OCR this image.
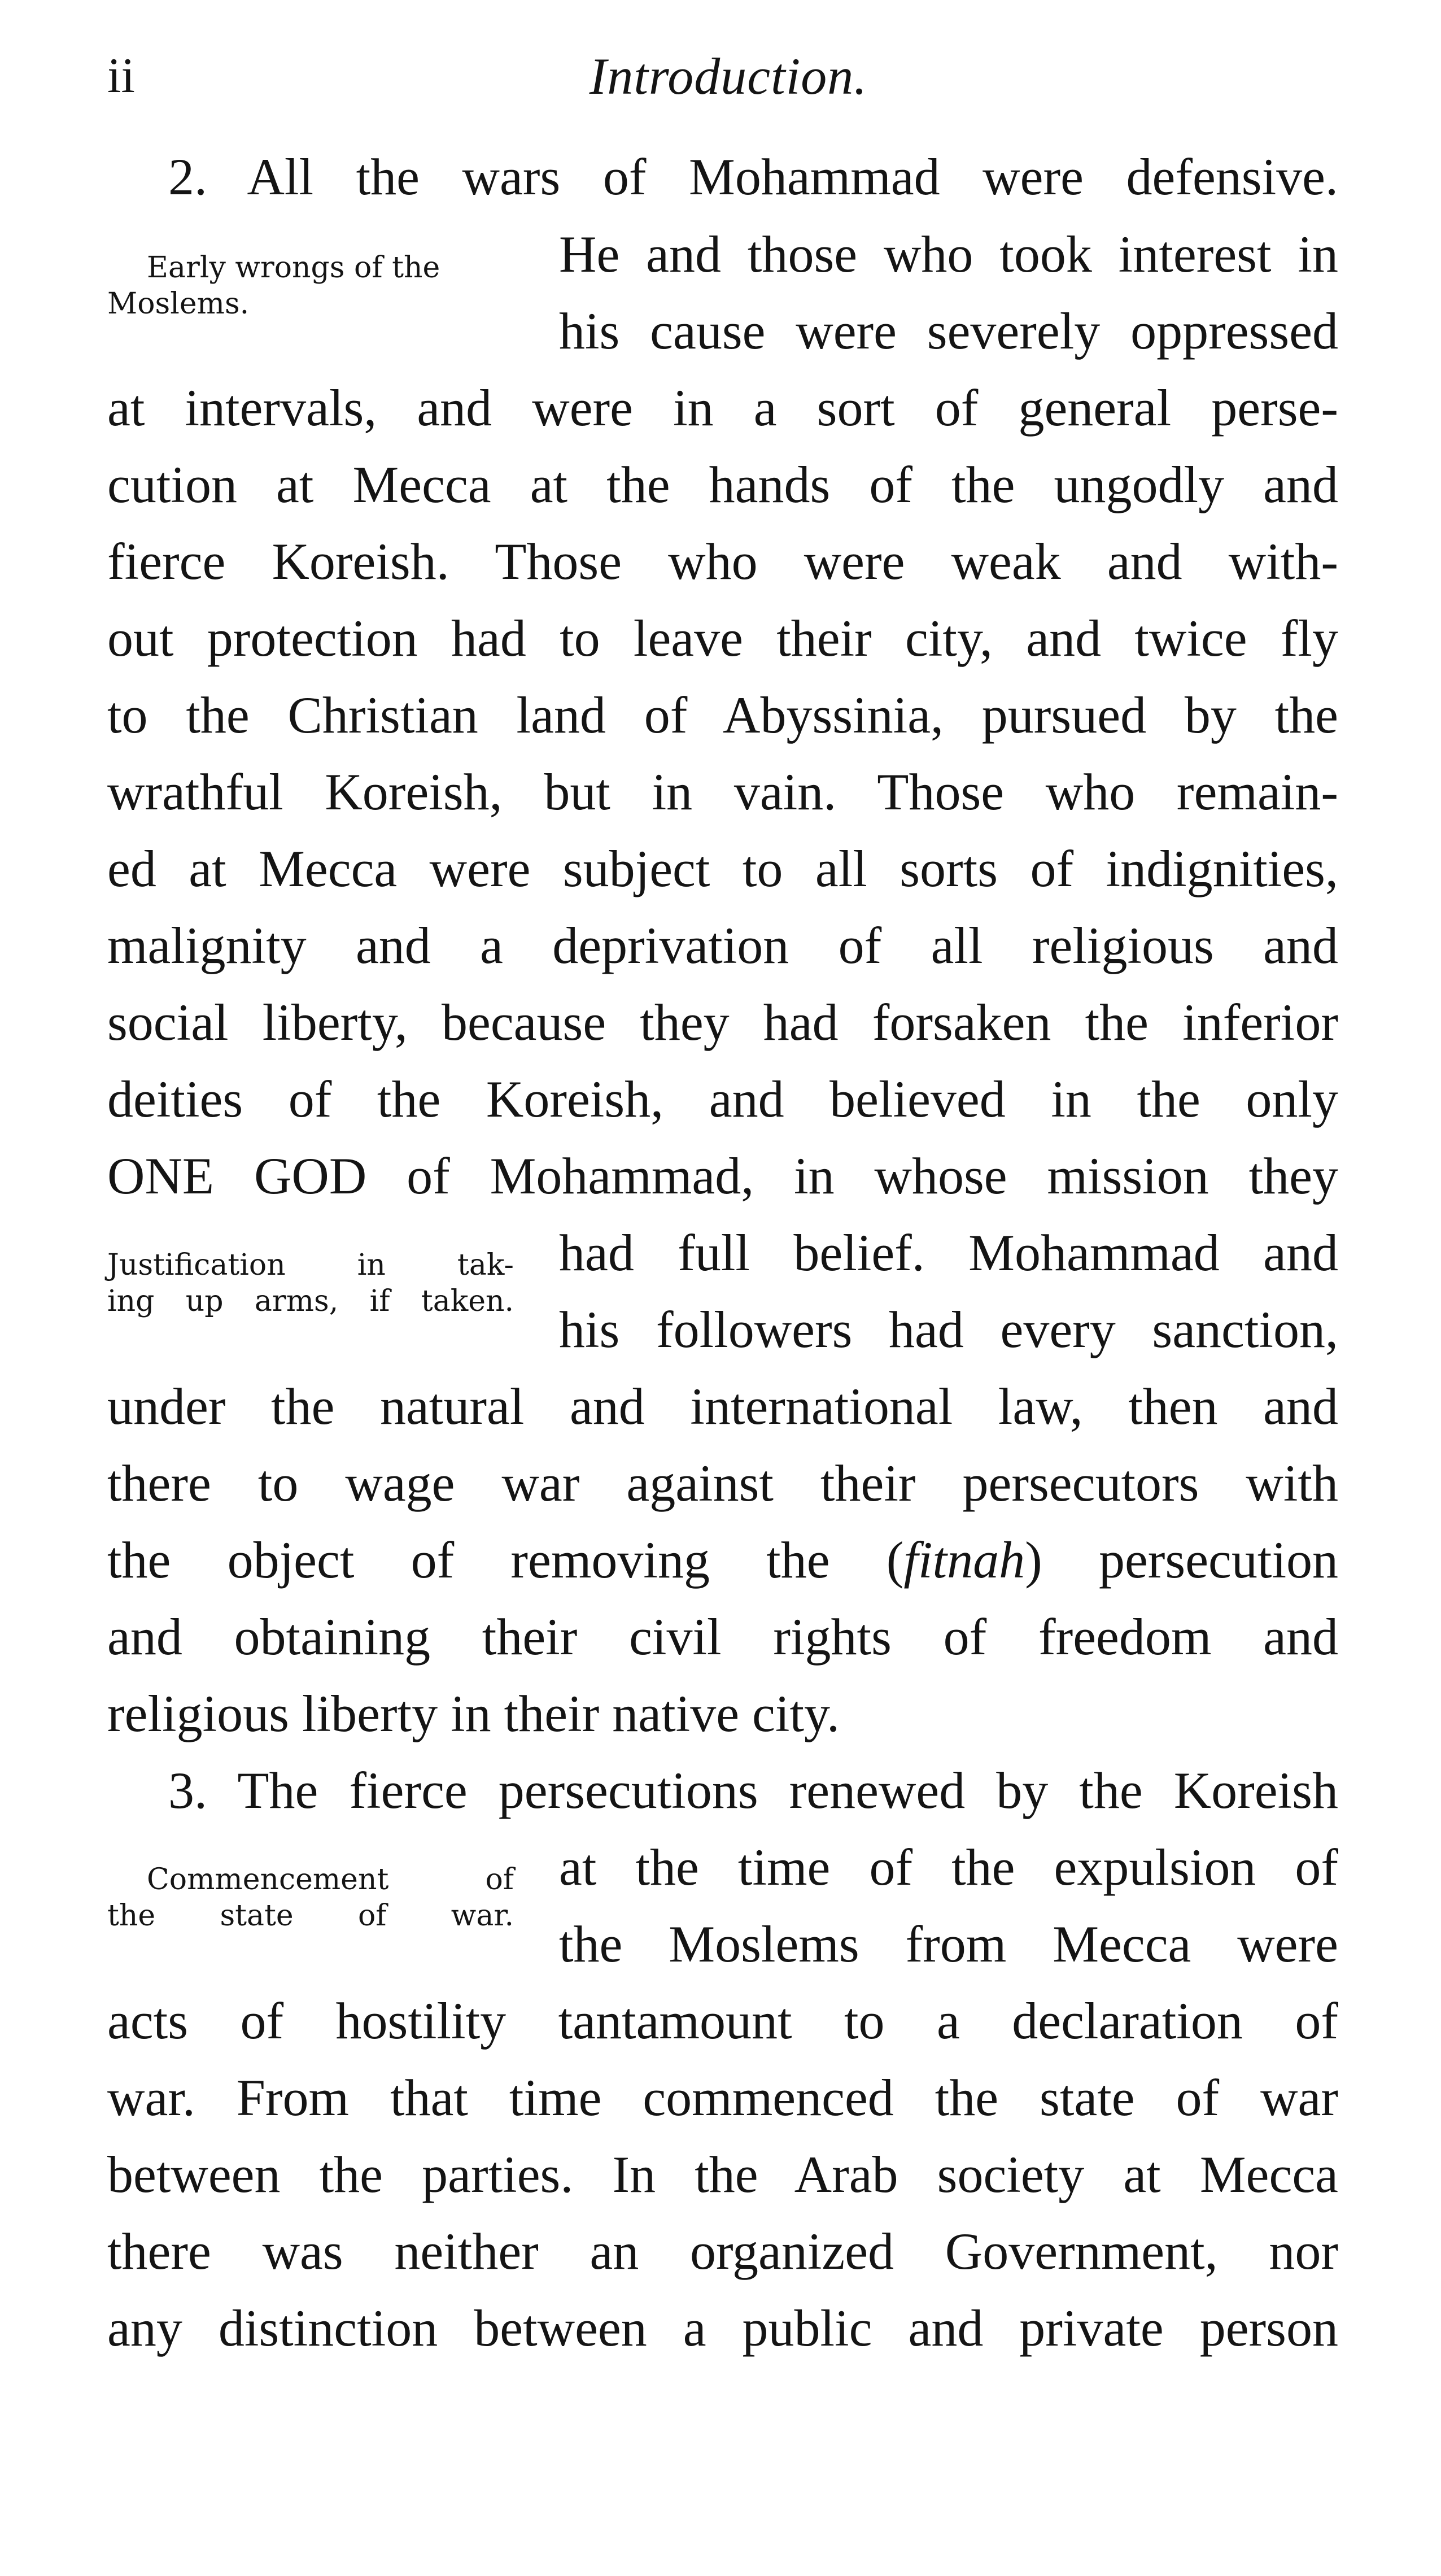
ii	Introduction.
2. All the wars of Mohammad were defensive.
Early wrongs of the
Moslems.
He and those who took interest in
his cause were severely oppressed
at intervals, and were in a sort of general perse-
cution at Mecca at the hands of the ungodly and
fierce Koreish. Those who were weak and with-
out protection had to leave their city, and twice fly
to the Christian land of Abyssinia, pursued by the
wrathful Koreish, but in vain. Those who remain-
ed at Mecca were subject to all sorts of indignities,
malignity and a deprivation of all religious and
social liberty, because they had forsaken the inferior
deities of the Koreish, and believed in the only
ONE GOD of Mohammad, in whose mission they
Justification in tak-
ing up arms, if taken.
had full belief. Mohammad and
his followers had every sanction,
under the natural and international law, then and
there to wage war against their persecutors with
the object of removing the (fitnah) persecution
and obtaining their civil rights of freedom and
religious liberty in their native city.
3. The fierce persecutions renewed by the Koreish
Commencement of
the state of war.
at the time of the expulsion of
the Moslems from Mecca were
acts of hostility tantamount to a declaration of
war. From that time commenced the state of war
between the parties. In the Arab society at Mecca
there was neither an organized Government, nor
any distinction between a public and private person
